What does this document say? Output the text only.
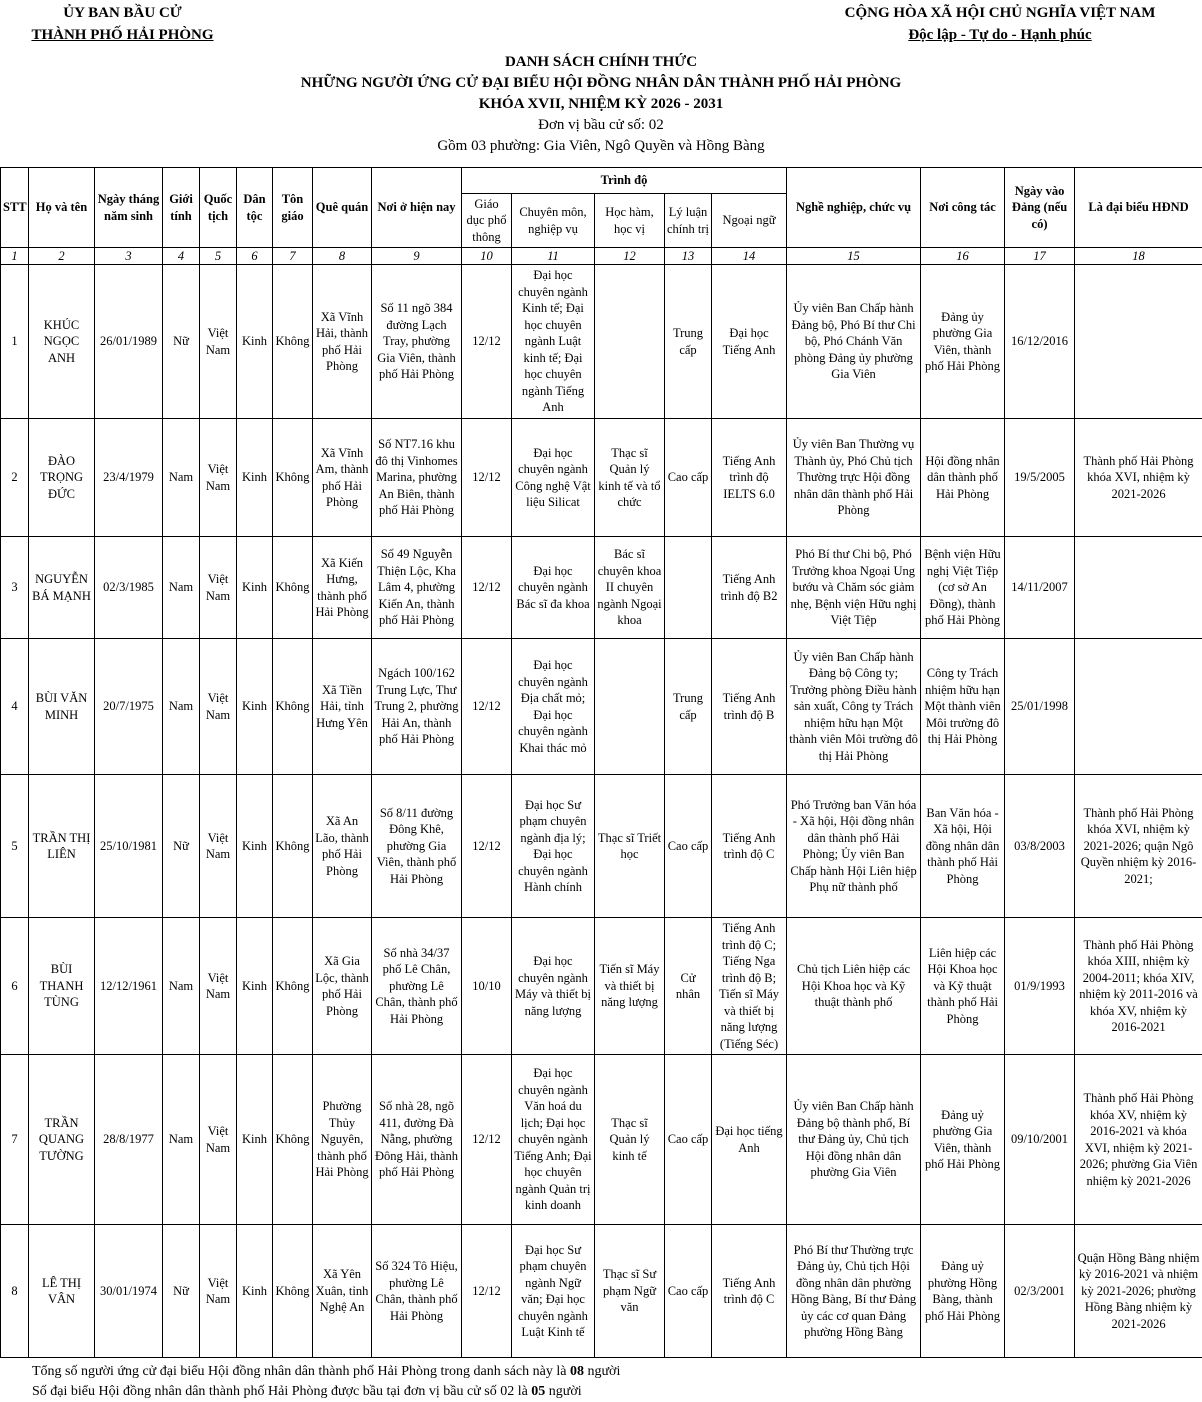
ỦY BAN BẦU CỬ
THÀNH PHỐ HẢI PHÒNG
CỘNG HÒA XÃ HỘI CHỦ NGHĨA VIỆT NAM
Độc lập - Tự do - Hạnh phúc
DANH SÁCH CHÍNH THỨC
NHỮNG NGƯỜI ỨNG CỬ ĐẠI BIỂU HỘI ĐỒNG NHÂN DÂN THÀNH PHỐ HẢI PHÒNG
KHÓA XVII, NHIỆM KỲ 2026 - 2031
Đơn vị bầu cử số: 02
Gồm 03 phường: Gia Viên, Ngô Quyền và Hồng Bàng
STT	Họ và tên	Ngày tháng năm sinh	Giới tính	Quốc tịch	Dân tộc	Tôn giáo	Quê quán	Nơi ở hiện nay	Trình độ					Nghề nghiệp, chức vụ	Nơi công tác	Ngày vào Đảng (nếu có)	Là đại biểu HĐND
									Giáo dục phổ thông	Chuyên môn, nghiệp vụ	Học hàm, học vị	Lý luận chính trị	Ngoại ngữ				
1	2	3	4	5	6	7	8	9	10	11	12	13	14	15	16	17	18
1	KHÚC NGỌC ANH	26/01/1989	Nữ	Việt Nam	Kinh	Không	Xã Vĩnh Hải, thành phố Hải Phòng	Số 11 ngõ 384 đường Lạch Tray, phường Gia Viên, thành phố Hải Phòng	12/12	Đại học chuyên ngành Kinh tế; Đại học chuyên ngành Luật kinh tế; Đại học chuyên ngành Tiếng Anh		Trung cấp	Đại học Tiếng Anh	Ủy viên Ban Chấp hành Đảng bộ, Phó Bí thư Chi bộ, Phó Chánh Văn phòng Đảng ủy phường Gia Viên	Đảng ủy phường Gia Viên, thành phố Hải Phòng	16/12/2016	
2	ĐÀO TRỌNG ĐỨC	23/4/1979	Nam	Việt Nam	Kinh	Không	Xã Vĩnh Am, thành phố Hải Phòng	Số NT7.16 khu đô thị Vinhomes Marina, phường An Biên, thành phố Hải Phòng	12/12	Đại học chuyên ngành Công nghệ Vật liệu Silicat	Thạc sĩ Quản lý kinh tế và tổ chức	Cao cấp	Tiếng Anh trình độ IELTS 6.0	Ủy viên Ban Thường vụ Thành ủy, Phó Chủ tịch Thường trực Hội đồng nhân dân thành phố Hải Phòng	Hội đồng nhân dân thành phố Hải Phòng	19/5/2005	Thành phố Hải Phòng khóa XVI, nhiệm kỳ 2021-2026
3	NGUYỄN BÁ MẠNH	02/3/1985	Nam	Việt Nam	Kinh	Không	Xã Kiến Hưng, thành phố Hải Phòng	Số 49 Nguyễn Thiện Lộc, Kha Lâm 4, phường Kiến An, thành phố Hải Phòng	12/12	Đại học chuyên ngành Bác sĩ đa khoa	Bác sĩ chuyên khoa II chuyên ngành Ngoại khoa		Tiếng Anh trình độ B2	Phó Bí thư Chi bộ, Phó Trưởng khoa Ngoại Ung bướu và Chăm sóc giảm nhẹ, Bệnh viện Hữu nghị Việt Tiệp	Bệnh viện Hữu nghị Việt Tiệp (cơ sở An Đồng), thành phố Hải Phòng	14/11/2007	
4	BÙI VĂN MINH	20/7/1975	Nam	Việt Nam	Kinh	Không	Xã Tiền Hải, tỉnh Hưng Yên	Ngách 100/162 Trung Lực, Thư Trung 2, phường Hải An, thành phố Hải Phòng	12/12	Đại học chuyên ngành Địa chất mỏ; Đại học chuyên ngành Khai thác mỏ		Trung cấp	Tiếng Anh trình độ B	Ủy viên Ban Chấp hành Đảng bộ Công ty; Trưởng phòng Điều hành sản xuất, Công ty Trách nhiệm hữu hạn Một thành viên Môi trường đô thị Hải Phòng	Công ty Trách nhiệm hữu hạn Một thành viên Môi trường đô thị Hải Phòng	25/01/1998	
5	TRẦN THỊ LIÊN	25/10/1981	Nữ	Việt Nam	Kinh	Không	Xã An Lão, thành phố Hải Phòng	Số 8/11 đường Đông Khê, phường Gia Viên, thành phố Hải Phòng	12/12	Đại học Sư phạm chuyên ngành địa lý; Đại học chuyên ngành Hành chính	Thạc sĩ Triết học	Cao cấp	Tiếng Anh trình độ C	Phó Trưởng ban Văn hóa - Xã hội, Hội đồng nhân dân thành phố Hải Phòng; Ủy viên Ban Chấp hành Hội Liên hiệp Phụ nữ thành phố	Ban Văn hóa - Xã hội, Hội đồng nhân dân thành phố Hải Phòng	03/8/2003	Thành phố Hải Phòng khóa XVI, nhiệm kỳ 2021-2026; quận Ngô Quyền nhiệm kỳ 2016-2021;
6	BÙI THANH TÙNG	12/12/1961	Nam	Việt Nam	Kinh	Không	Xã Gia Lộc, thành phố Hải Phòng	Số nhà 34/37 phố Lê Chân, phường Lê Chân, thành phố Hải Phòng	10/10	Đại học chuyên ngành Máy và thiết bị năng lượng	Tiến sĩ Máy và thiết bị năng lượng	Cử nhân	Tiếng Anh trình độ C; Tiếng Nga trình độ B; Tiến sĩ Máy và thiết bị năng lượng (Tiếng Séc)	Chủ tịch Liên hiệp các Hội Khoa học và Kỹ thuật thành phố	Liên hiệp các Hội Khoa học và Kỹ thuật thành phố Hải Phòng	01/9/1993	Thành phố Hải Phòng khóa XIII, nhiệm kỳ 2004-2011; khóa XIV, nhiệm kỳ 2011-2016 và khóa XV, nhiệm kỳ 2016-2021
7	TRẦN QUANG TƯỜNG	28/8/1977	Nam	Việt Nam	Kinh	Không	Phường Thủy Nguyên, thành phố Hải Phòng	Số nhà 28, ngõ 411, đường Đà Nẵng, phường Đông Hải, thành phố Hải Phòng	12/12	Đại học chuyên ngành Văn hoá du lịch; Đại học chuyên ngành Tiếng Anh; Đại học chuyên ngành Quản trị kinh doanh	Thạc sĩ Quản lý kinh tế	Cao cấp	Đại học tiếng Anh	Ủy viên Ban Chấp hành Đảng bộ thành phố, Bí thư Đảng ủy, Chủ tịch Hội đồng nhân dân phường Gia Viên	Đảng uỷ phường Gia Viên, thành phố Hải Phòng	09/10/2001	Thành phố Hải Phòng khóa XV, nhiệm kỳ 2016-2021 và khóa XVI, nhiệm kỳ 2021-2026; phường Gia Viên nhiệm kỳ 2021-2026
8	LÊ THỊ VÂN	30/01/1974	Nữ	Việt Nam	Kinh	Không	Xã Yên Xuân, tỉnh Nghệ An	Số 324 Tô Hiệu, phường Lê Chân, thành phố Hải Phòng	12/12	Đại học Sư phạm chuyên ngành Ngữ văn; Đại học chuyên ngành Luật Kinh tế	Thạc sĩ Sư phạm Ngữ văn	Cao cấp	Tiếng Anh trình độ C	Phó Bí thư Thường trực Đảng ủy, Chủ tịch Hội đồng nhân dân phường Hồng Bàng, Bí thư Đảng ủy các cơ quan Đảng phường Hồng Bàng	Đảng uỷ phường Hồng Bàng, thành phố Hải Phòng	02/3/2001	Quận Hồng Bàng nhiệm kỳ 2016-2021 và nhiệm kỳ 2021-2026; phường Hồng Bàng nhiệm kỳ 2021-2026
Tổng số người ứng cử đại biểu Hội đồng nhân dân thành phố Hải Phòng trong danh sách này là 08 người
Số đại biểu Hội đồng nhân dân thành phố Hải Phòng được bầu tại đơn vị bầu cử số 02 là 05 người
